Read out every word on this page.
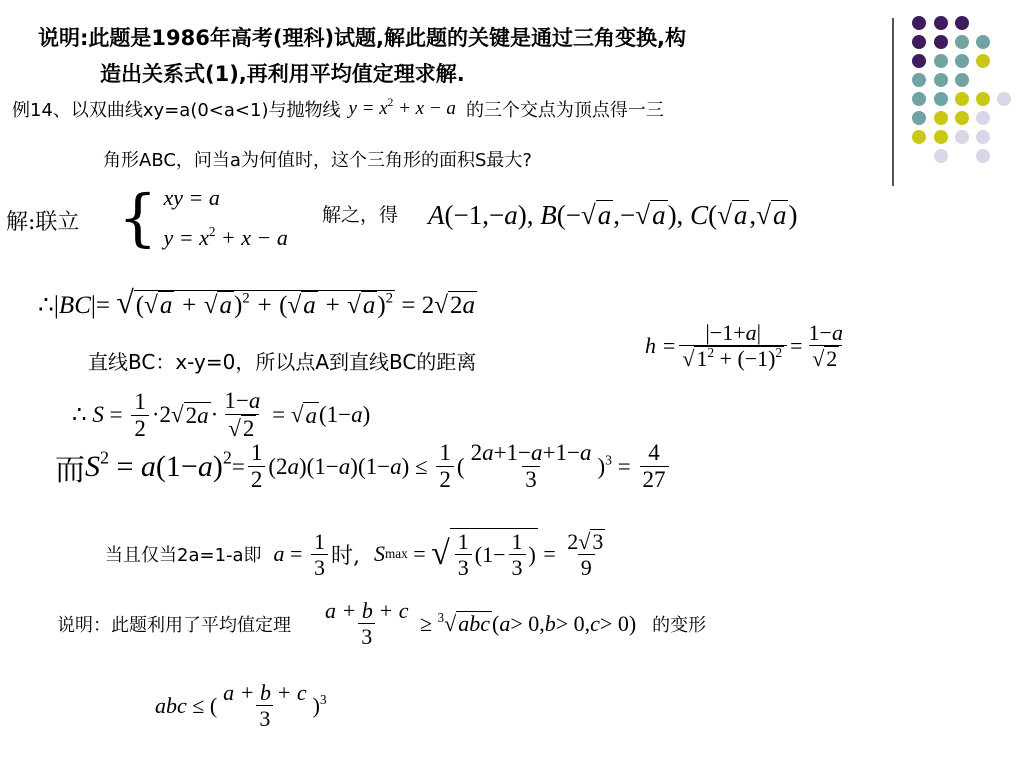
说明:此题是1986年高考(理科)试题,解此题的关键是通过三角变换,构
造出关系式(1),再利用平均值定理求解.
例14、以双曲线xy=a(0<a<1)与抛物线 $y = x^2 + x - a$ 的三个交点为顶点得一三
角形ABC，问当a为何值时，这个三角形的面积S最大?
解:联立 { xy = a
$y = x^2 + x - a$
解之，得 A(−1,−a), B(−√a,−√a), C(√a,√a)
∴|BC|= $√(√a + √a)^2 + (√a + √a)^2 = 2√2a$
直线BC：x-y=0，所以点A到直线BC的距离
$h = \frac{|-1+a|}{√1^2 + (-1)^2} = \frac{1-a}{√2}$
∴ $S = \frac{1}{2} \cdot 2$ √ $2a \cdot \frac{1-a}{√2}$ = √ a (1− a )
而 $S^2 = a(1-a)^2 = \frac{1}{2} (2$ a )(1− a )(1− a ) ≤ $\frac{1}{2}$ ( $\frac{2a+1-a+1-a}{3} )^3 = \frac{4}{27}$
当且仅当2a=1-a即 $a = \frac{1}{3}$ 时, S max = √ $\frac{1}{3} (1- \frac{1}{3}$ ) = $\frac{2√3}{9}$
说明：此题利用了平均值定理 $\frac{a + b + c}{3} \ge ^3$ √ abc ( a > 0, b > 0, c > 0) 的变形
abc ≤ ( $\frac{a + b + c}{3} )^3$
